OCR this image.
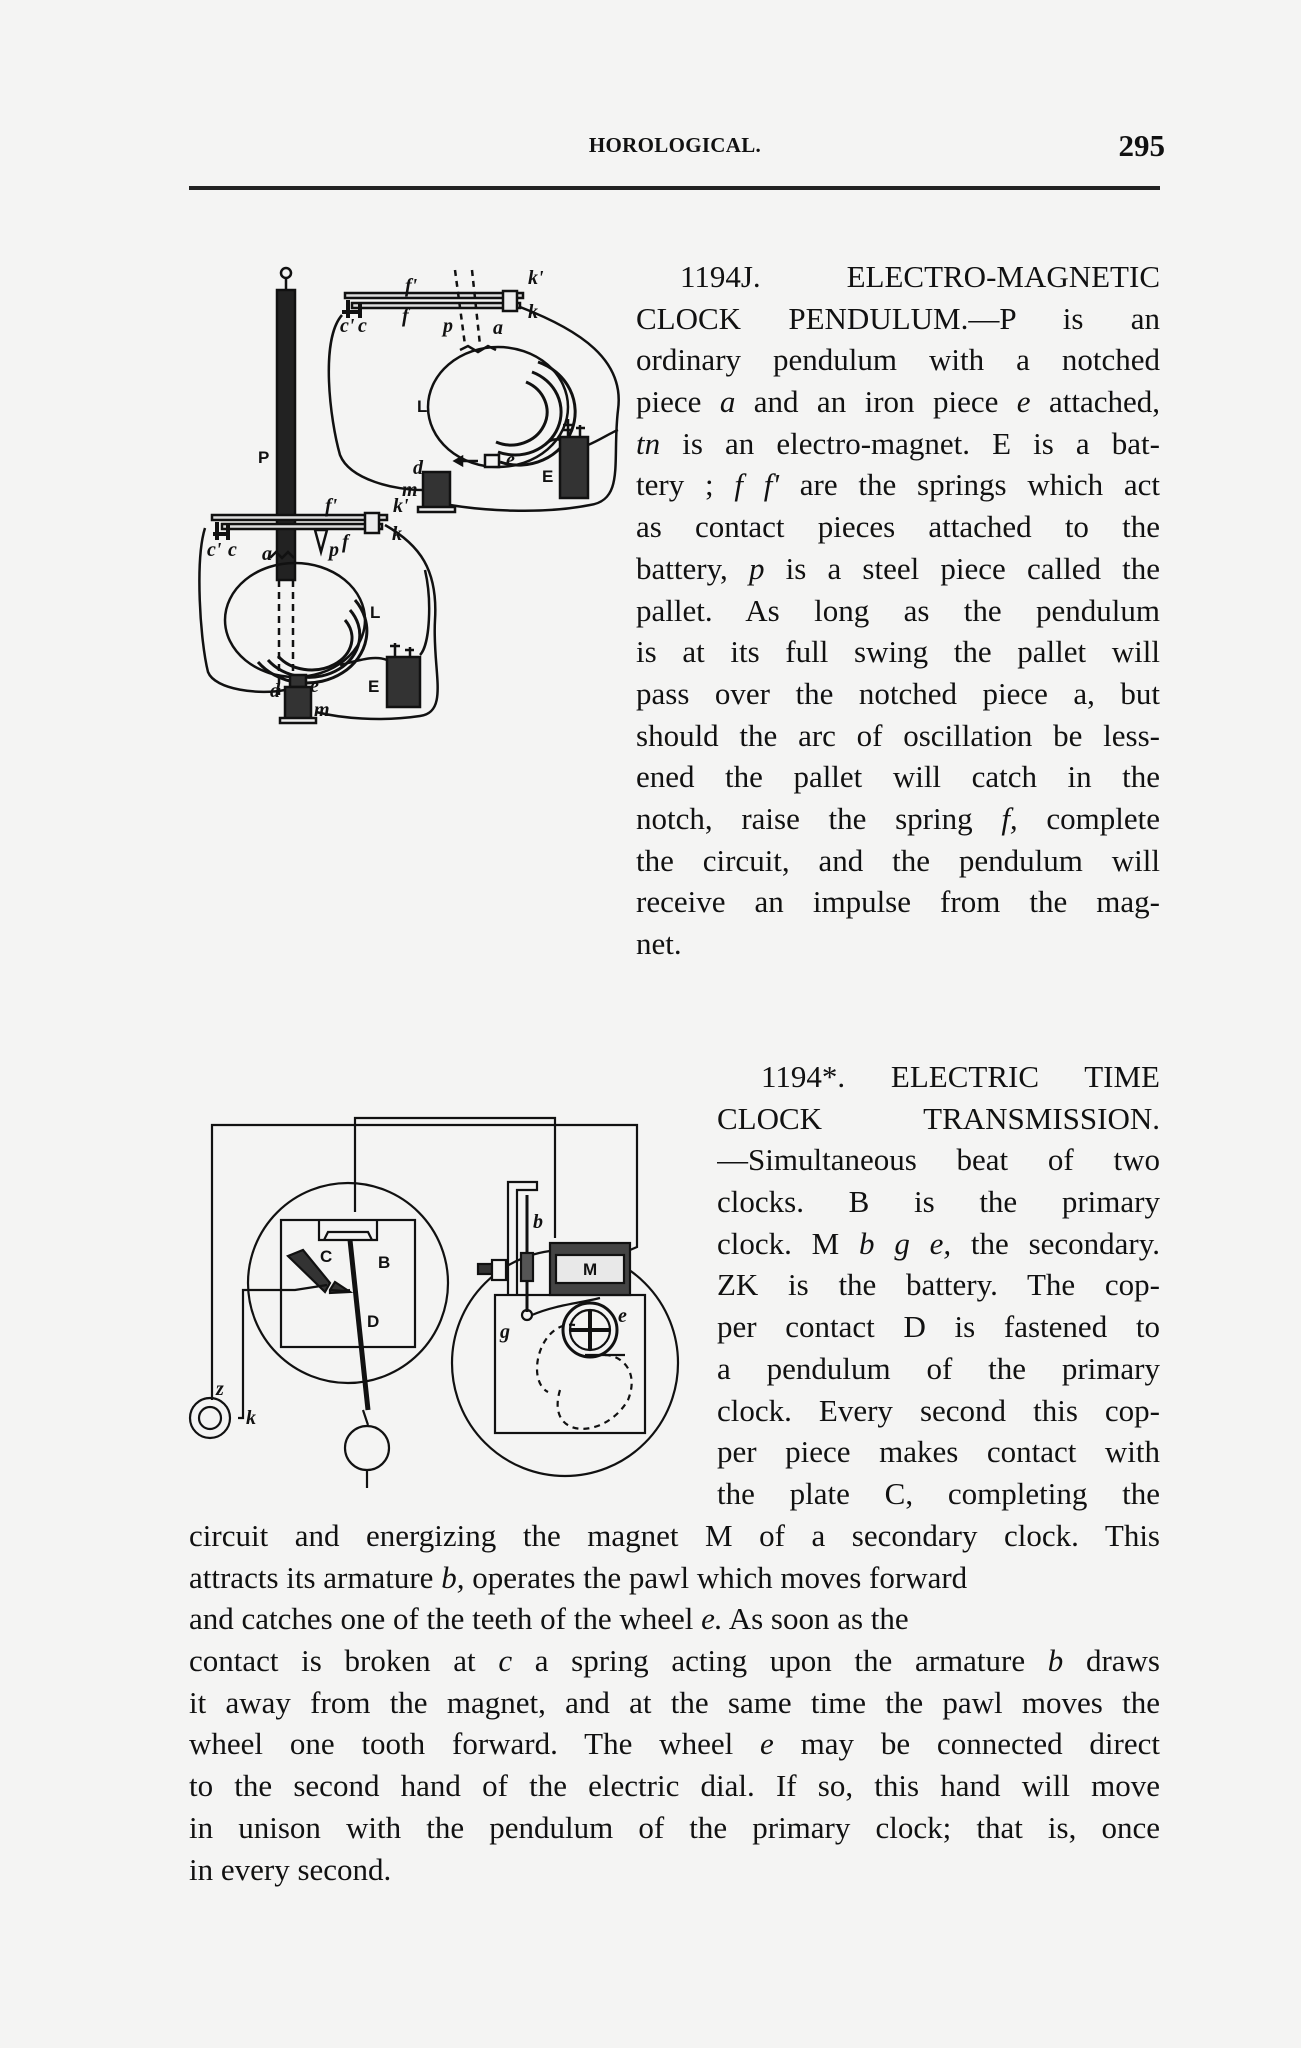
HOROLOGICAL.	295
P
f'
f
k'
k
c' c	p a
L
e
d
m
E
f'
f
k'
k
c' c	p
a
L
e
d
m
E
C	B
D
z
k
b
M
e
g
1194J. ELECTRO-MAGNETIC
CLOCK PENDULUM.—P is an
ordinary pendulum with a notched
piece a and an iron piece e attached,
tn is an electro-magnet. E is a bat-
tery ; f f' are the springs which act
as contact pieces attached to the
battery, p is a steel piece called the
pallet. As long as the pendulum
is at its full swing the pallet will
pass over the notched piece a, but
should the arc of oscillation be less-
ened the pallet will catch in the
notch, raise the spring f, complete
the circuit, and the pendulum will
receive an impulse from the mag-
net.
1194*. ELECTRIC TIME
CLOCK TRANSMISSION.
—Simultaneous beat of two
clocks. B is the primary
clock. M b g e, the secondary.
ZK is the battery. The cop-
per contact D is fastened to
a pendulum of the primary
clock. Every second this cop-
per piece makes contact with
the plate C, completing the
circuit and energizing the magnet M of a secondary clock. This
attracts its armature b, operates the pawl which moves forward
and catches one of the teeth of the wheel e. As soon as the
contact is broken at c a spring acting upon the armature b draws
it away from the magnet, and at the same time the pawl moves the
wheel one tooth forward. The wheel e may be connected direct
to the second hand of the electric dial. If so, this hand will move
in unison with the pendulum of the primary clock; that is, once
in every second.
